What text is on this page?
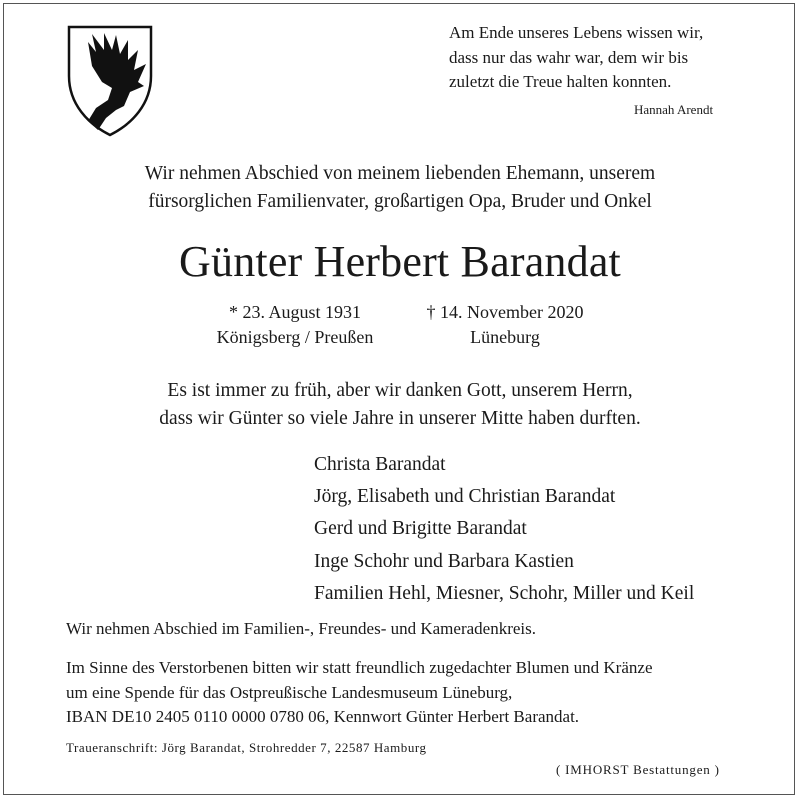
Am Ende unseres Lebens wissen wir,
dass nur das wahr war, dem wir bis
zuletzt die Treue halten konnten.
Hannah Arendt
Wir nehmen Abschied von meinem liebenden Ehemann, unserem
fürsorglichen Familienvater, großartigen Opa, Bruder und Onkel
Günter Herbert Barandat
* 23. August 1931
Königsberg / Preußen
† 14. November 2020
Lüneburg
Es ist immer zu früh, aber wir danken Gott, unserem Herrn,
dass wir Günter so viele Jahre in unserer Mitte haben durften.
Christa Barandat
Jörg, Elisabeth und Christian Barandat
Gerd und Brigitte Barandat
Inge Schohr und Barbara Kastien
Familien Hehl, Miesner, Schohr, Miller und Keil
Wir nehmen Abschied im Familien-, Freundes- und Kameradenkreis.
Im Sinne des Verstorbenen bitten wir statt freundlich zugedachter Blumen und Kränze
um eine Spende für das Ostpreußische Landesmuseum Lüneburg,
IBAN DE10 2405 0110 0000 0780 06, Kennwort Günter Herbert Barandat.
Traueranschrift: Jörg Barandat, Strohredder 7, 22587 Hamburg
( IMHORST Bestattungen )
